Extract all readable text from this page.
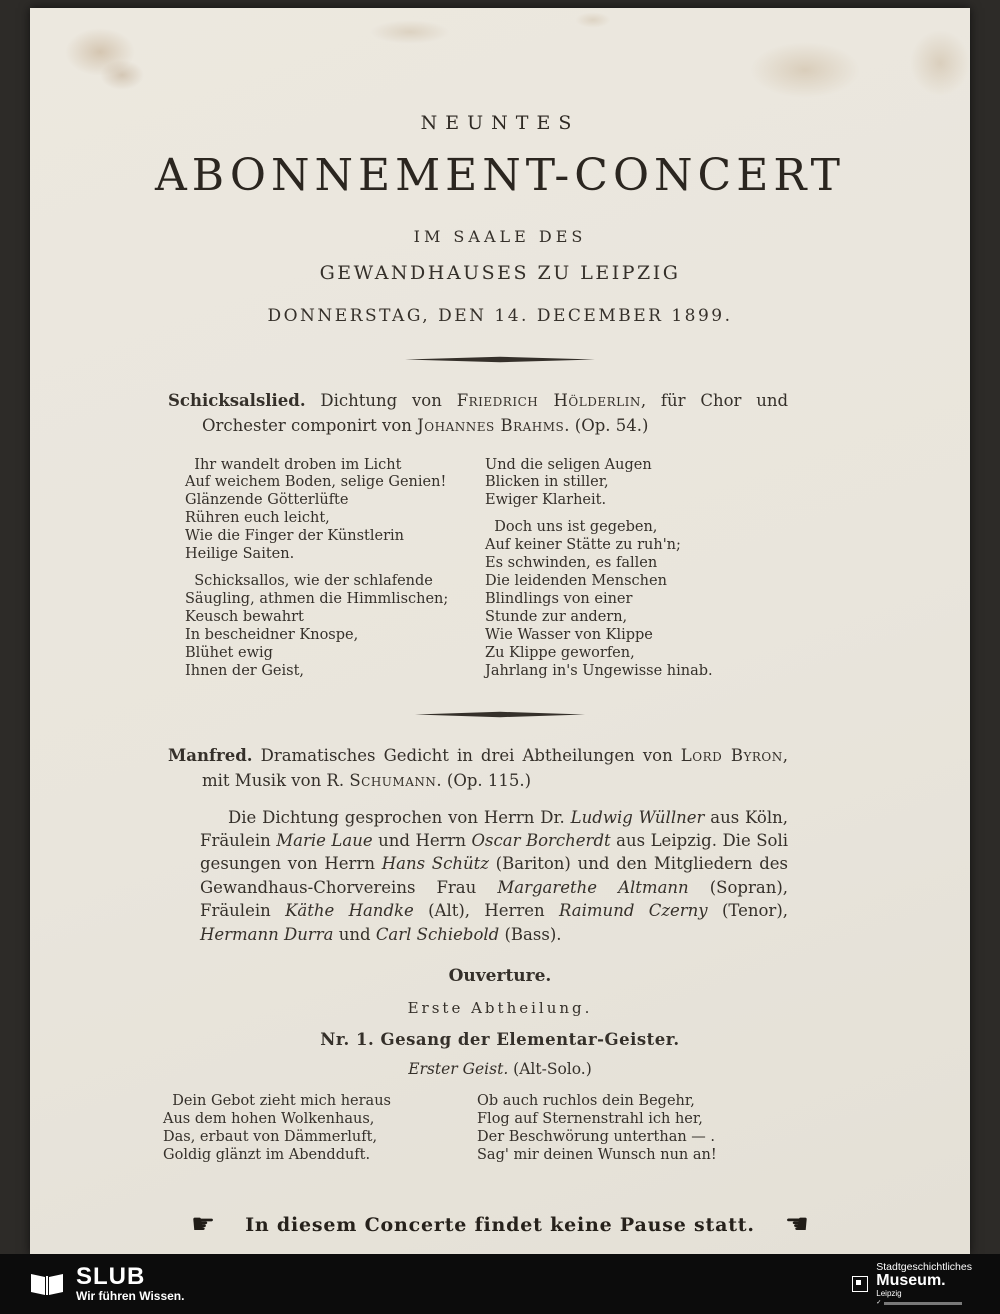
NEUNTES
ABONNEMENT-CONCERT
IM SAALE DES
GEWANDHAUSES ZU LEIPZIG
DONNERSTAG, DEN 14. DECEMBER 1899.

Schicksalslied. Dichtung von Friedrich Hölderlin, für Chor und Orchester componirt von Johannes Brahms. (Op. 54.)

Ihr wandelt droben im Licht
Auf weichem Boden, selige Genien!
Glänzende Götterlüfte
Rühren euch leicht,
Wie die Finger der Künstlerin
Heilige Saiten.
Schicksallos, wie der schlafende
Säugling, athmen die Himmlischen;
Keusch bewahrt
In bescheidner Knospe,
Blühet ewig
Ihnen der Geist,
Und die seligen Augen
Blicken in stiller,
Ewiger Klarheit.
Doch uns ist gegeben,
Auf keiner Stätte zu ruh'n;
Es schwinden, es fallen
Die leidenden Menschen
Blindlings von einer
Stunde zur andern,
Wie Wasser von Klippe
Zu Klippe geworfen,
Jahrlang in's Ungewisse hinab.

Manfred. Dramatisches Gedicht in drei Abtheilungen von Lord Byron, mit Musik von R. Schumann. (Op. 115.)

Die Dichtung gesprochen von Herrn Dr. Ludwig Wüllner aus Köln, Fräulein Marie Laue und Herrn Oscar Borcherdt aus Leipzig. Die Soli gesungen von Herrn Hans Schütz (Bariton) und den Mitgliedern des Gewandhaus-Chorvereins Frau Margarethe Altmann (Sopran), Fräulein Käthe Handke (Alt), Herren Raimund Czerny (Tenor), Hermann Durra und Carl Schiebold (Bass).

Ouverture.
Erste Abtheilung.
Nr. 1. Gesang der Elementar-Geister.
Erster Geist. (Alt-Solo.)
Dein Gebot zieht mich heraus
Aus dem hohen Wolkenhaus,
Das, erbaut von Dämmerluft,
Goldig glänzt im Abendduft.
Ob auch ruchlos dein Begehr,
Flog auf Sternenstrahl ich her,
Der Beschwörung unterthan — .
Sag' mir deinen Wunsch nun an!
☛ In diesem Concerte findet keine Pause statt. ☚
SLUB
Wir führen Wissen.
Stadtgeschichtliches
Museum.
Leipzig
✓
